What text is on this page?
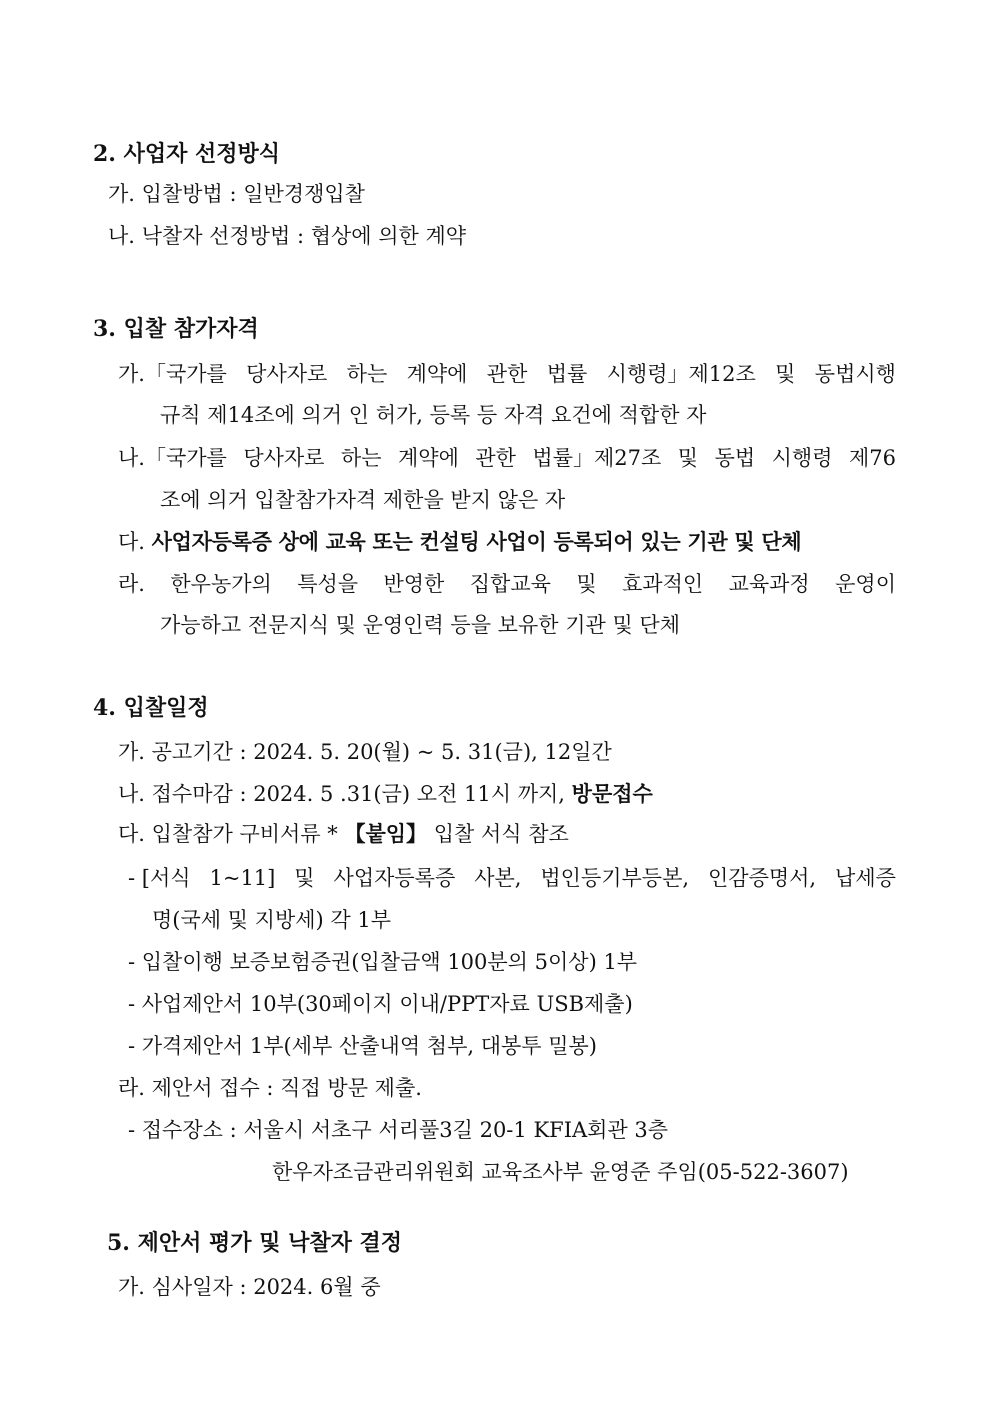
2. 사업자 선정방식
가. 입찰방법 : 일반경쟁입찰
나. 낙찰자 선정방법 : 협상에 의한 계약
3. 입찰 참가자격
가.「국가를 당사자로 하는 계약에 관한 법률 시행령」제12조 및 동법시행
규칙 제14조에 의거 인 허가, 등록 등 자격 요건에 적합한 자
나.「국가를 당사자로 하는 계약에 관한 법률」제27조 및 동법 시행령 제76
조에 의거 입찰참가자격 제한을 받지 않은 자
다. 사업자등록증 상에 교육 또는 컨설팅 사업이 등록되어 있는 기관 및 단체
라. 한우농가의 특성을 반영한 집합교육 및 효과적인 교육과정 운영이
가능하고 전문지식 및 운영인력 등을 보유한 기관 및 단체
4. 입찰일정
가. 공고기간 : 2024. 5. 20(월) ~ 5. 31(금), 12일간
나. 접수마감 : 2024. 5 .31(금) 오전 11시 까지, 방문접수
다. 입찰참가 구비서류 * 【붙임】 입찰 서식 참조
- [서식 1~11] 및 사업자등록증 사본, 법인등기부등본, 인감증명서, 납세증
명(국세 및 지방세) 각 1부
- 입찰이행 보증보험증권(입찰금액 100분의 5이상) 1부
- 사업제안서 10부(30페이지 이내/PPT자료 USB제출)
- 가격제안서 1부(세부 산출내역 첨부, 대봉투 밀봉)
라. 제안서 접수 : 직접 방문 제출.
- 접수장소 : 서울시 서초구 서리풀3길 20-1 KFIA회관 3층
한우자조금관리위원회 교육조사부 윤영준 주임(05-522-3607)
5. 제안서 평가 및 낙찰자 결정
가. 심사일자 : 2024. 6월 중
